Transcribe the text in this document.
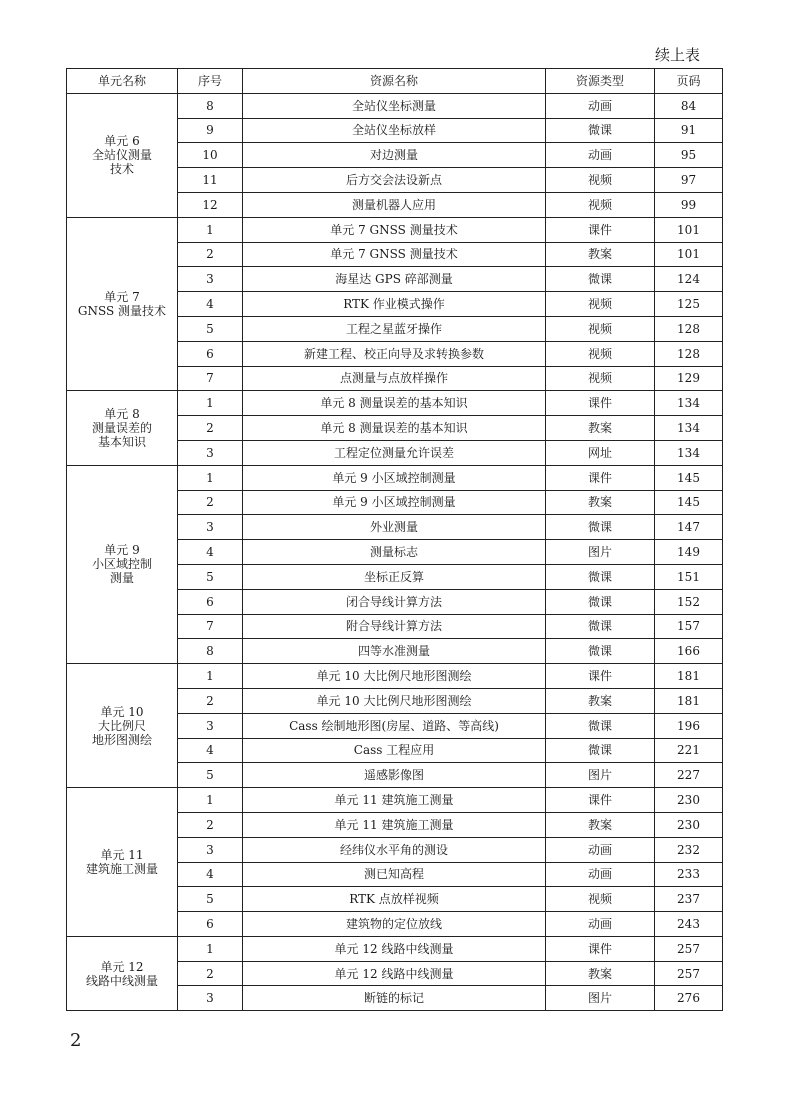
续上表
单元名称	序号	资源名称	资源类型	页码

单元 6
全站仪测量
技术	8	全站仪坐标测量	动画	84
	9	全站仪坐标放样	微课	91
	10	对边测量	动画	95
	11	后方交会法设新点	视频	97
	12	测量机器人应用	视频	99

单元 7
GNSS 测量技术	1	单元 7 GNSS 测量技术	课件	101
	2	单元 7 GNSS 测量技术	教案	101
	3	海星达 GPS 碎部测量	微课	124
	4	RTK 作业模式操作	视频	125
	5	工程之星蓝牙操作	视频	128
	6	新建工程、校正向导及求转换参数	视频	128
	7	点测量与点放样操作	视频	129

单元 8
测量误差的
基本知识	1	单元 8 测量误差的基本知识	课件	134
	2	单元 8 测量误差的基本知识	教案	134
	3	工程定位测量允许误差	网址	134

单元 9
小区域控制
测量	1	单元 9 小区域控制测量	课件	145
	2	单元 9 小区域控制测量	教案	145
	3	外业测量	微课	147
	4	测量标志	图片	149
	5	坐标正反算	微课	151
	6	闭合导线计算方法	微课	152
	7	附合导线计算方法	微课	157
	8	四等水准测量	微课	166

单元 10
大比例尺
地形图测绘	1	单元 10 大比例尺地形图测绘	课件	181
	2	单元 10 大比例尺地形图测绘	教案	181
	3	Cass 绘制地形图(房屋、道路、等高线)	微课	196
	4	Cass 工程应用	微课	221
	5	遥感影像图	图片	227

单元 11
建筑施工测量	1	单元 11 建筑施工测量	课件	230
	2	单元 11 建筑施工测量	教案	230
	3	经纬仪水平角的测设	动画	232
	4	测已知高程	动画	233
	5	RTK 点放样视频	视频	237
	6	建筑物的定位放线	动画	243

单元 12
线路中线测量	1	单元 12 线路中线测量	课件	257
	2	单元 12 线路中线测量	教案	257
	3	断链的标记	图片	276
2
